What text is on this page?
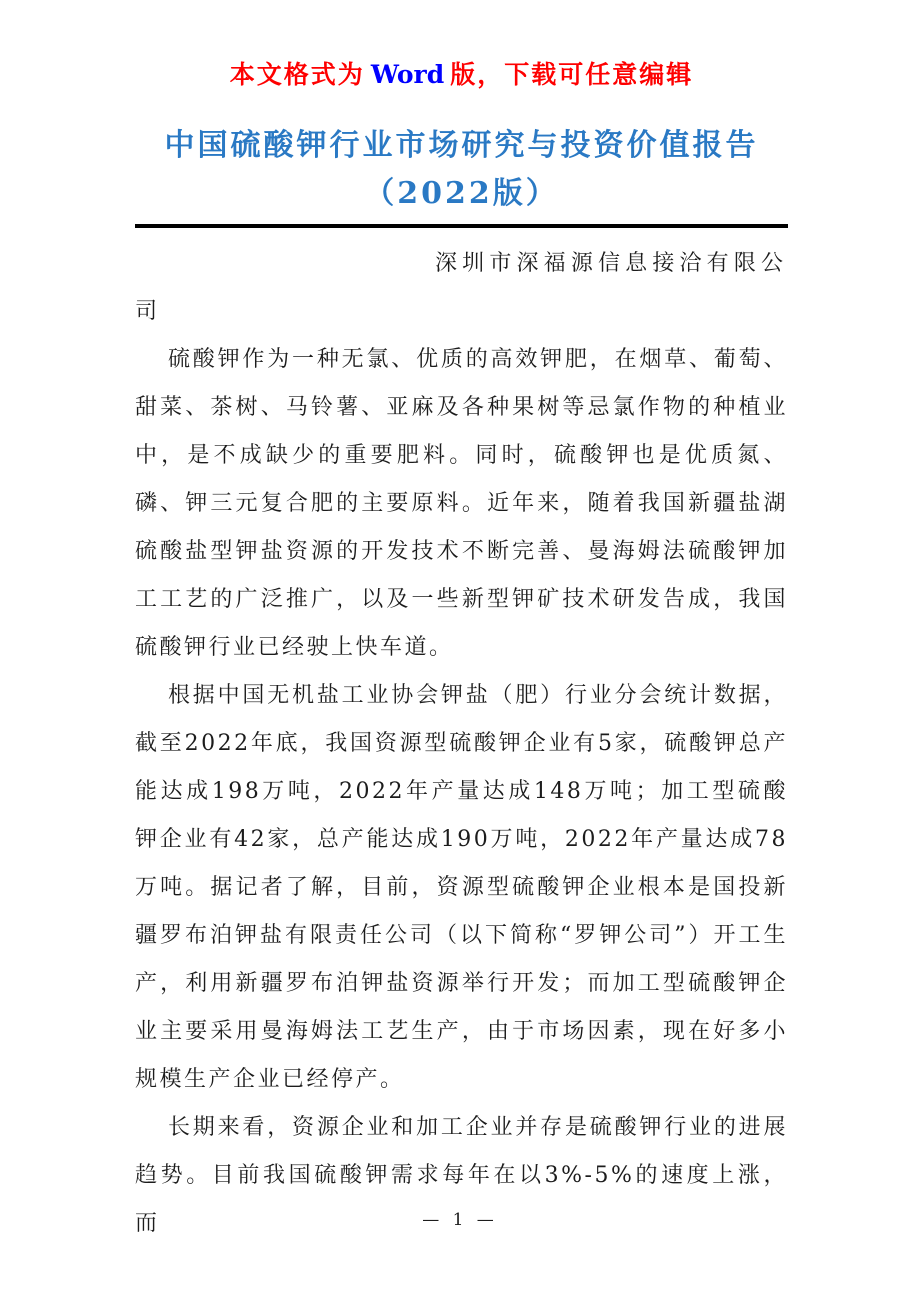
本文格式为 Word 版，下载可任意编辑
中国硫酸钾行业市场研究与投资价值报告
（2022版）

深圳市深福源信息接洽有限公司

硫酸钾作为一种无氯、优质的高效钾肥，在烟草、葡萄、甜菜、茶树、马铃薯、亚麻及各种果树等忌氯作物的种植业中，是不成缺少的重要肥料。同时，硫酸钾也是优质氮、磷、钾三元复合肥的主要原料。近年来，随着我国新疆盐湖硫酸盐型钾盐资源的开发技术不断完善、曼海姆法硫酸钾加工工艺的广泛推广，以及一些新型钾矿技术研发告成，我国硫酸钾行业已经驶上快车道。

根据中国无机盐工业协会钾盐（肥）行业分会统计数据，截至2022年底，我国资源型硫酸钾企业有5家，硫酸钾总产能达成198万吨，2022年产量达成148万吨；加工型硫酸钾企业有42家，总产能达成190万吨，2022年产量达成78万吨。据记者了解，目前，资源型硫酸钾企业根本是国投新疆罗布泊钾盐有限责任公司（以下简称“罗钾公司”）开工生产，利用新疆罗布泊钾盐资源举行开发；而加工型硫酸钾企业主要采用曼海姆法工艺生产，由于市场因素，现在好多小规模生产企业已经停产。

长期来看，资源企业和加工企业并存是硫酸钾行业的进展趋势。目前我国硫酸钾需求每年在以3%-5%的速度上涨，而	— 1 —
